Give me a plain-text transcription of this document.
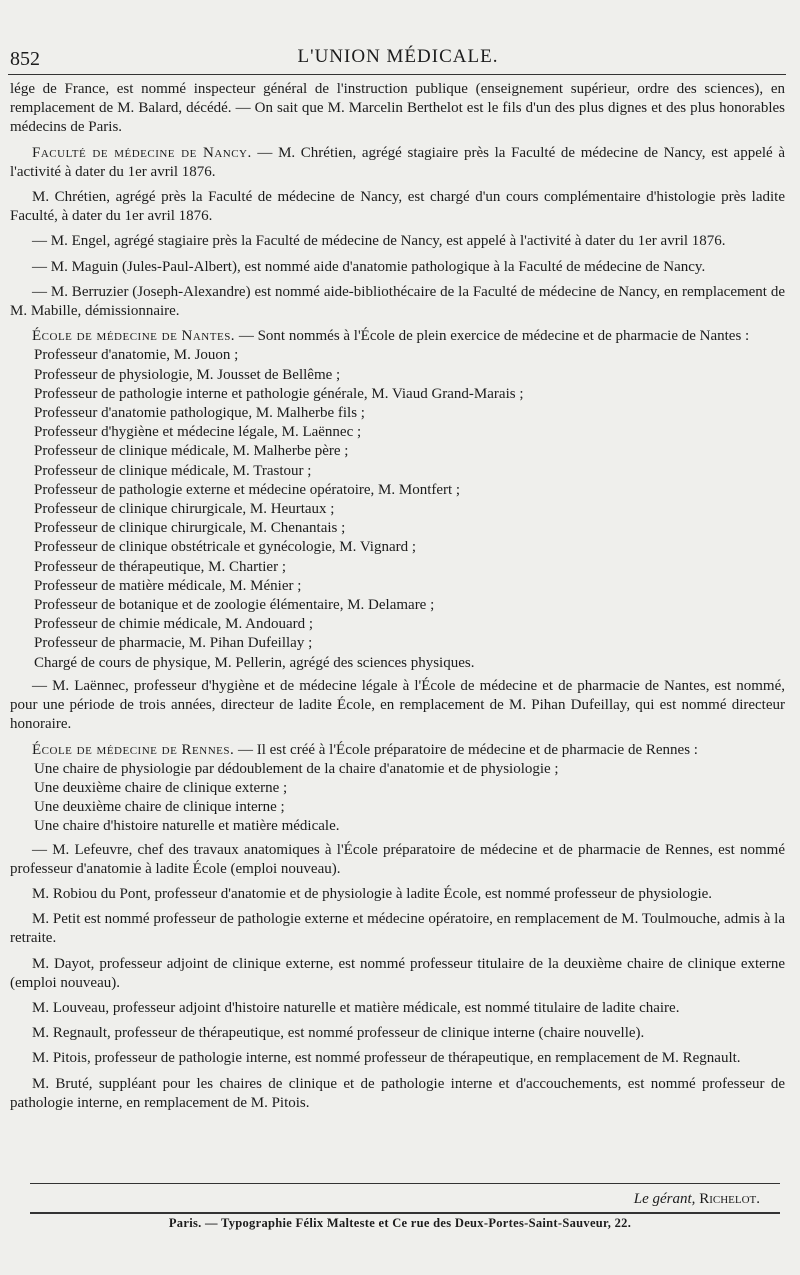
852	L'UNION MÉDICALE.

lége de France, est nommé inspecteur général de l'instruction publique (enseignement supérieur, ordre des sciences), en remplacement de M. Balard, décédé. — On sait que M. Marcelin Berthelot est le fils d'un des plus dignes et des plus honorables médecins de Paris.

Faculté de médecine de Nancy. — M. Chrétien, agrégé stagiaire près la Faculté de médecine de Nancy, est appelé à l'activité à dater du 1er avril 1876.

M. Chrétien, agrégé près la Faculté de médecine de Nancy, est chargé d'un cours complémentaire d'histologie près ladite Faculté, à dater du 1er avril 1876.

— M. Engel, agrégé stagiaire près la Faculté de médecine de Nancy, est appelé à l'activité à dater du 1er avril 1876.

— M. Maguin (Jules-Paul-Albert), est nommé aide d'anatomie pathologique à la Faculté de médecine de Nancy.

— M. Berruzier (Joseph-Alexandre) est nommé aide-bibliothécaire de la Faculté de médecine de Nancy, en remplacement de M. Mabille, démissionnaire.

École de médecine de Nantes. — Sont nommés à l'École de plein exercice de médecine et de pharmacie de Nantes :

Professeur d'anatomie, M. Jouon ;
Professeur de physiologie, M. Jousset de Bellême ;
Professeur de pathologie interne et pathologie générale, M. Viaud Grand-Marais ;
Professeur d'anatomie pathologique, M. Malherbe fils ;
Professeur d'hygiène et médecine légale, M. Laënnec ;
Professeur de clinique médicale, M. Malherbe père ;
Professeur de clinique médicale, M. Trastour ;
Professeur de pathologie externe et médecine opératoire, M. Montfert ;
Professeur de clinique chirurgicale, M. Heurtaux ;
Professeur de clinique chirurgicale, M. Chenantais ;
Professeur de clinique obstétricale et gynécologie, M. Vignard ;
Professeur de thérapeutique, M. Chartier ;
Professeur de matière médicale, M. Ménier ;
Professeur de botanique et de zoologie élémentaire, M. Delamare ;
Professeur de chimie médicale, M. Andouard ;
Professeur de pharmacie, M. Pihan Dufeillay ;
Chargé de cours de physique, M. Pellerin, agrégé des sciences physiques.

— M. Laënnec, professeur d'hygiène et de médecine légale à l'École de médecine et de pharmacie de Nantes, est nommé, pour une période de trois années, directeur de ladite École, en remplacement de M. Pihan Dufeillay, qui est nommé directeur honoraire.

École de médecine de Rennes. — Il est créé à l'École préparatoire de médecine et de pharmacie de Rennes :

Une chaire de physiologie par dédoublement de la chaire d'anatomie et de physiologie ;
Une deuxième chaire de clinique externe ;
Une deuxième chaire de clinique interne ;
Une chaire d'histoire naturelle et matière médicale.

— M. Lefeuvre, chef des travaux anatomiques à l'École préparatoire de médecine et de pharmacie de Rennes, est nommé professeur d'anatomie à ladite École (emploi nouveau).

M. Robiou du Pont, professeur d'anatomie et de physiologie à ladite École, est nommé professeur de physiologie.

M. Petit est nommé professeur de pathologie externe et médecine opératoire, en remplacement de M. Toulmouche, admis à la retraite.

M. Dayot, professeur adjoint de clinique externe, est nommé professeur titulaire de la deuxième chaire de clinique externe (emploi nouveau).

M. Louveau, professeur adjoint d'histoire naturelle et matière médicale, est nommé titulaire de ladite chaire.

M. Regnault, professeur de thérapeutique, est nommé professeur de clinique interne (chaire nouvelle).

M. Pitois, professeur de pathologie interne, est nommé professeur de thérapeutique, en remplacement de M. Regnault.

M. Bruté, suppléant pour les chaires de clinique et de pathologie interne et d'accouchements, est nommé professeur de pathologie interne, en remplacement de M. Pitois.

Le gérant, Richelot.
Paris. — Typographie Félix Malteste et Ce rue des Deux-Portes-Saint-Sauveur, 22.
